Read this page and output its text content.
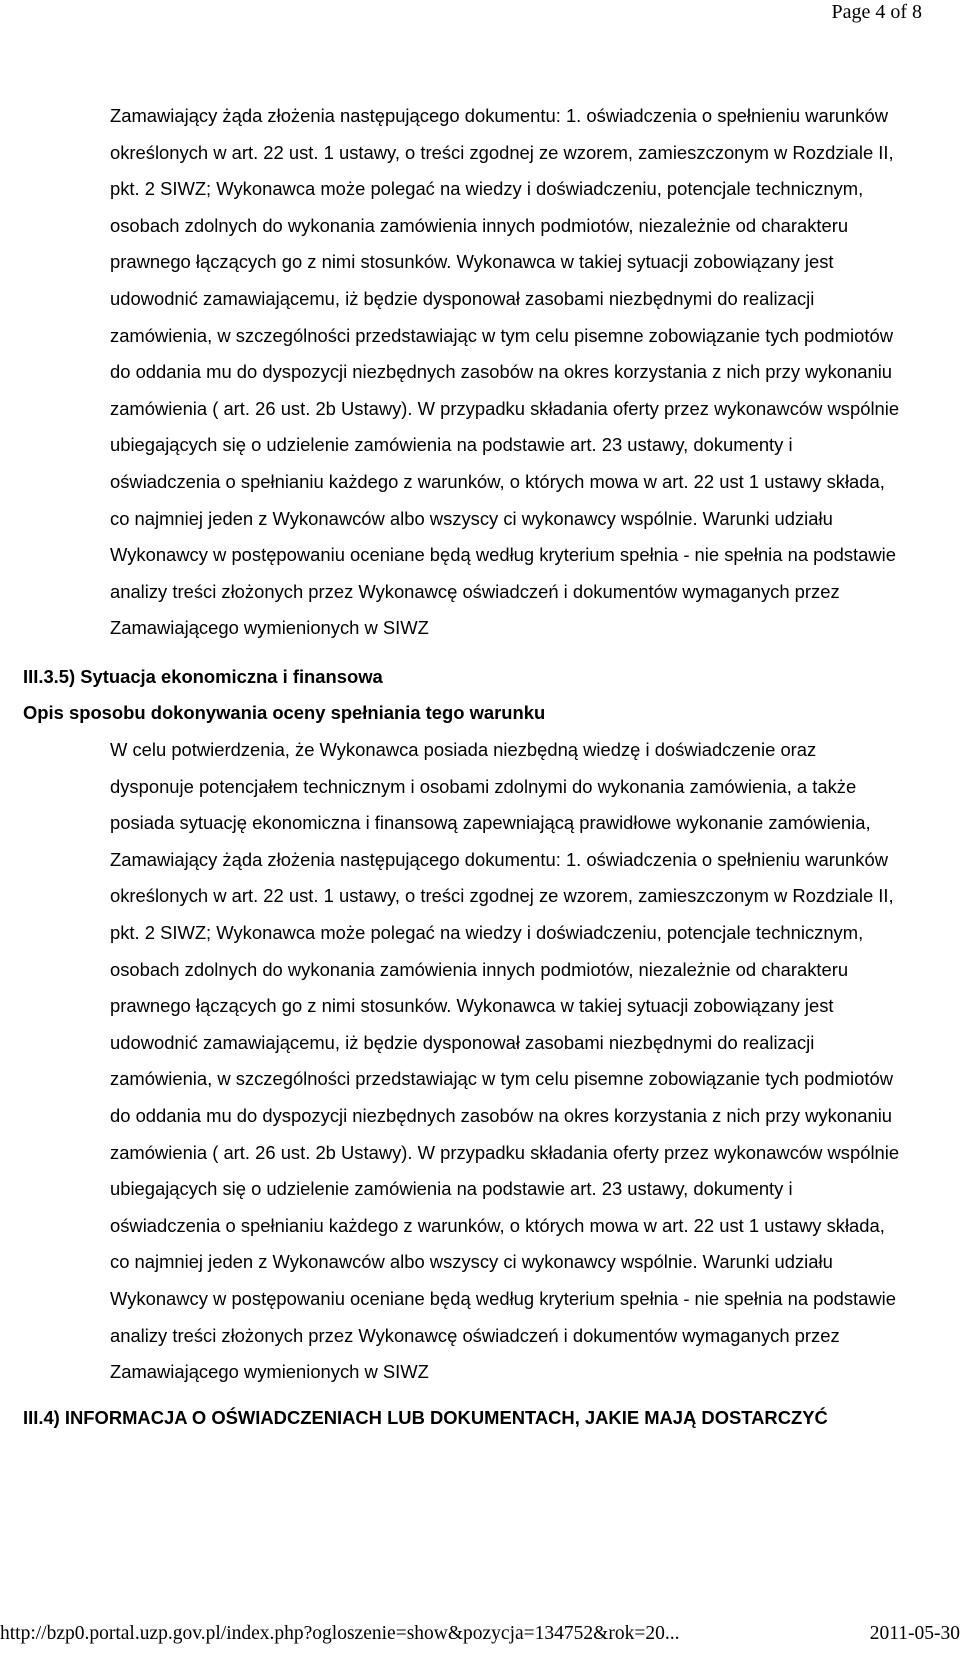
Page 4 of 8
Zamawiający żąda złożenia następującego dokumentu: 1. oświadczenia o spełnieniu warunków
określonych w art. 22 ust. 1 ustawy, o treści zgodnej ze wzorem, zamieszczonym w Rozdziale II,
pkt. 2 SIWZ; Wykonawca może polegać na wiedzy i doświadczeniu, potencjale technicznym,
osobach zdolnych do wykonania zamówienia innych podmiotów, niezależnie od charakteru
prawnego łączących go z nimi stosunków. Wykonawca w takiej sytuacji zobowiązany jest
udowodnić zamawiającemu, iż będzie dysponował zasobami niezbędnymi do realizacji
zamówienia, w szczególności przedstawiając w tym celu pisemne zobowiązanie tych podmiotów
do oddania mu do dyspozycji niezbędnych zasobów na okres korzystania z nich przy wykonaniu
zamówienia ( art. 26 ust. 2b Ustawy). W przypadku składania oferty przez wykonawców wspólnie
ubiegających się o udzielenie zamówienia na podstawie art. 23 ustawy, dokumenty i
oświadczenia o spełnianiu każdego z warunków, o których mowa w art. 22 ust 1 ustawy składa,
co najmniej jeden z Wykonawców albo wszyscy ci wykonawcy wspólnie. Warunki udziału
Wykonawcy w postępowaniu oceniane będą według kryterium spełnia - nie spełnia na podstawie
analizy treści złożonych przez Wykonawcę oświadczeń i dokumentów wymaganych przez
Zamawiającego wymienionych w SIWZ
III.3.5) Sytuacja ekonomiczna i finansowa
Opis sposobu dokonywania oceny spełniania tego warunku
W celu potwierdzenia, że Wykonawca posiada niezbędną wiedzę i doświadczenie oraz
dysponuje potencjałem technicznym i osobami zdolnymi do wykonania zamówienia, a także
posiada sytuację ekonomiczna i finansową zapewniającą prawidłowe wykonanie zamówienia,
Zamawiający żąda złożenia następującego dokumentu: 1. oświadczenia o spełnieniu warunków
określonych w art. 22 ust. 1 ustawy, o treści zgodnej ze wzorem, zamieszczonym w Rozdziale II,
pkt. 2 SIWZ; Wykonawca może polegać na wiedzy i doświadczeniu, potencjale technicznym,
osobach zdolnych do wykonania zamówienia innych podmiotów, niezależnie od charakteru
prawnego łączących go z nimi stosunków. Wykonawca w takiej sytuacji zobowiązany jest
udowodnić zamawiającemu, iż będzie dysponował zasobami niezbędnymi do realizacji
zamówienia, w szczególności przedstawiając w tym celu pisemne zobowiązanie tych podmiotów
do oddania mu do dyspozycji niezbędnych zasobów na okres korzystania z nich przy wykonaniu
zamówienia ( art. 26 ust. 2b Ustawy). W przypadku składania oferty przez wykonawców wspólnie
ubiegających się o udzielenie zamówienia na podstawie art. 23 ustawy, dokumenty i
oświadczenia o spełnianiu każdego z warunków, o których mowa w art. 22 ust 1 ustawy składa,
co najmniej jeden z Wykonawców albo wszyscy ci wykonawcy wspólnie. Warunki udziału
Wykonawcy w postępowaniu oceniane będą według kryterium spełnia - nie spełnia na podstawie
analizy treści złożonych przez Wykonawcę oświadczeń i dokumentów wymaganych przez
Zamawiającego wymienionych w SIWZ
III.4) INFORMACJA O OŚWIADCZENIACH LUB DOKUMENTACH, JAKIE MAJĄ DOSTARCZYĆ
http://bzp0.portal.uzp.gov.pl/index.php?ogloszenie=show&pozycja=134752&rok=20...	2011-05-30
